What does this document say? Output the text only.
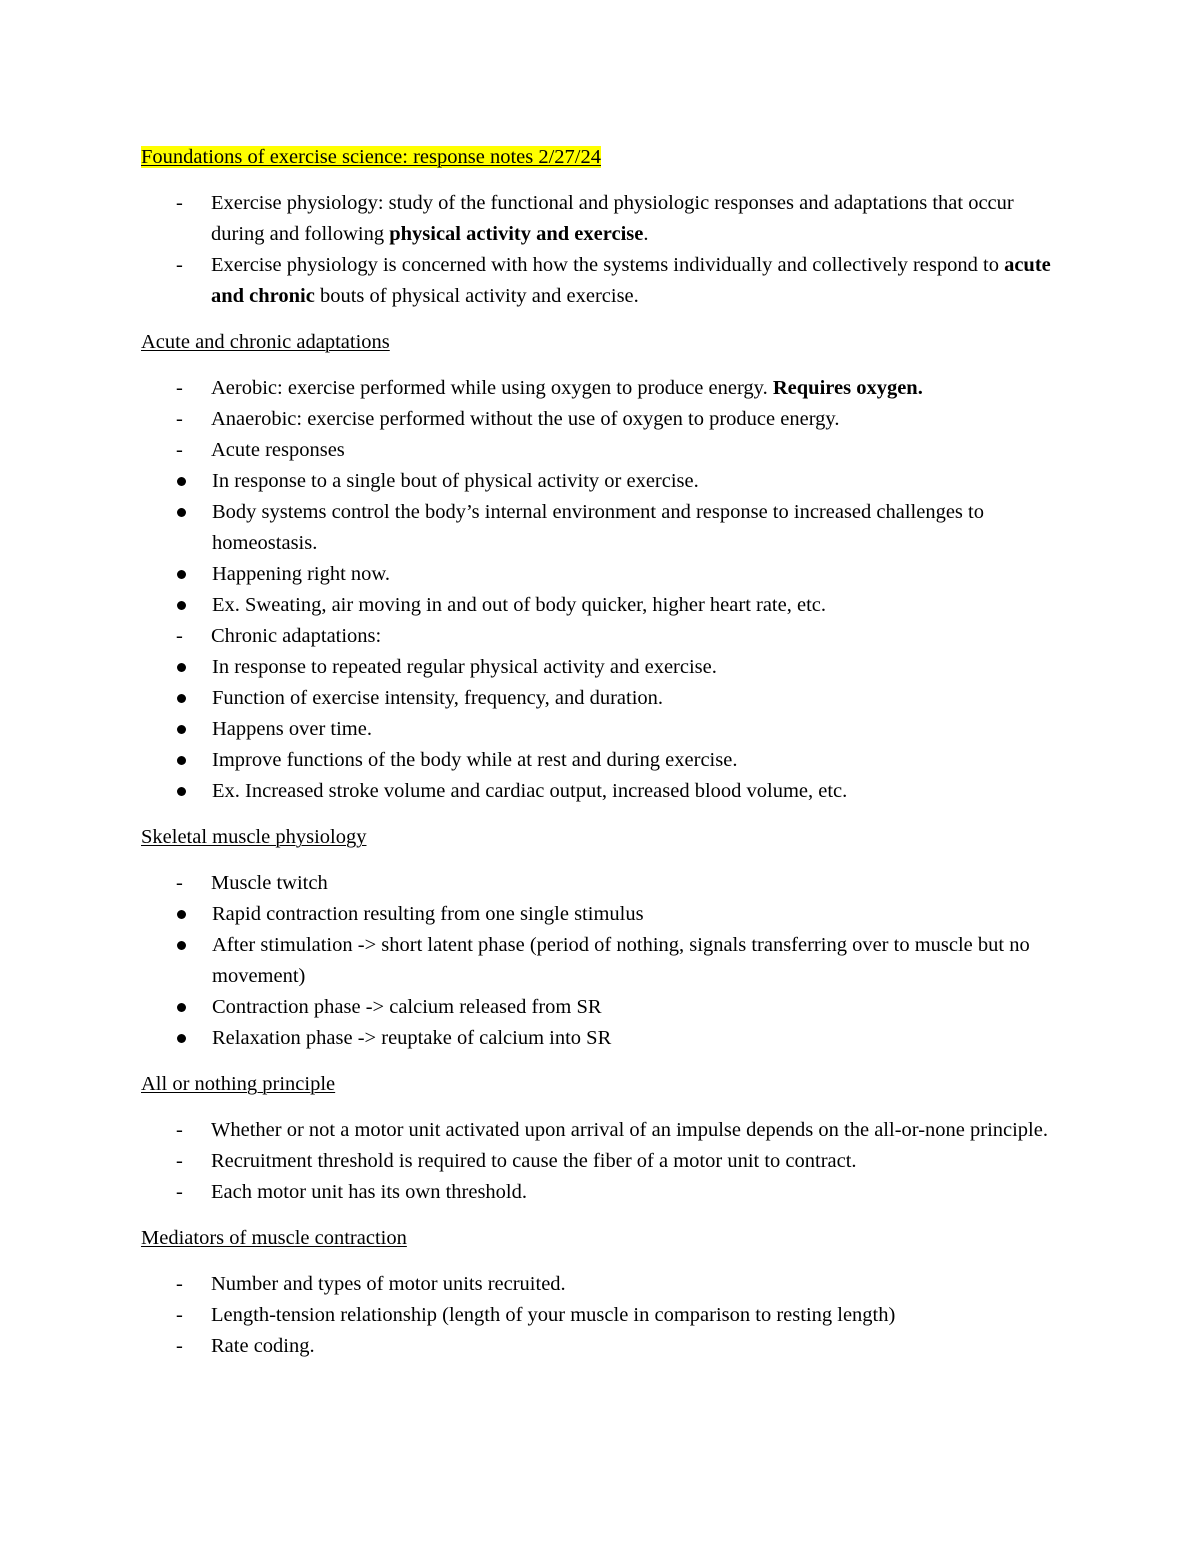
Foundations of exercise science: response notes 2/27/24
- Exercise physiology: study of the functional and physiologic responses and adaptations that occur during and following physical activity and exercise.
- Exercise physiology is concerned with how the systems individually and collectively respond to acute and chronic bouts of physical activity and exercise.
Acute and chronic adaptations
- Aerobic: exercise performed while using oxygen to produce energy. Requires oxygen.
- Anaerobic: exercise performed without the use of oxygen to produce energy.
- Acute responses
In response to a single bout of physical activity or exercise.
Body systems control the body’s internal environment and response to increased challenges to homeostasis.
Happening right now.
Ex. Sweating, air moving in and out of body quicker, higher heart rate, etc.
- Chronic adaptations:
In response to repeated regular physical activity and exercise.
Function of exercise intensity, frequency, and duration.
Happens over time.
Improve functions of the body while at rest and during exercise.
Ex. Increased stroke volume and cardiac output, increased blood volume, etc.
Skeletal muscle physiology
- Muscle twitch
Rapid contraction resulting from one single stimulus
After stimulation -> short latent phase (period of nothing, signals transferring over to muscle but no movement)
Contraction phase -> calcium released from SR
Relaxation phase -> reuptake of calcium into SR
All or nothing principle
- Whether or not a motor unit activated upon arrival of an impulse depends on the all-or-none principle.
- Recruitment threshold is required to cause the fiber of a motor unit to contract.
- Each motor unit has its own threshold.
Mediators of muscle contraction
- Number and types of motor units recruited.
- Length-tension relationship (length of your muscle in comparison to resting length)
- Rate coding.
